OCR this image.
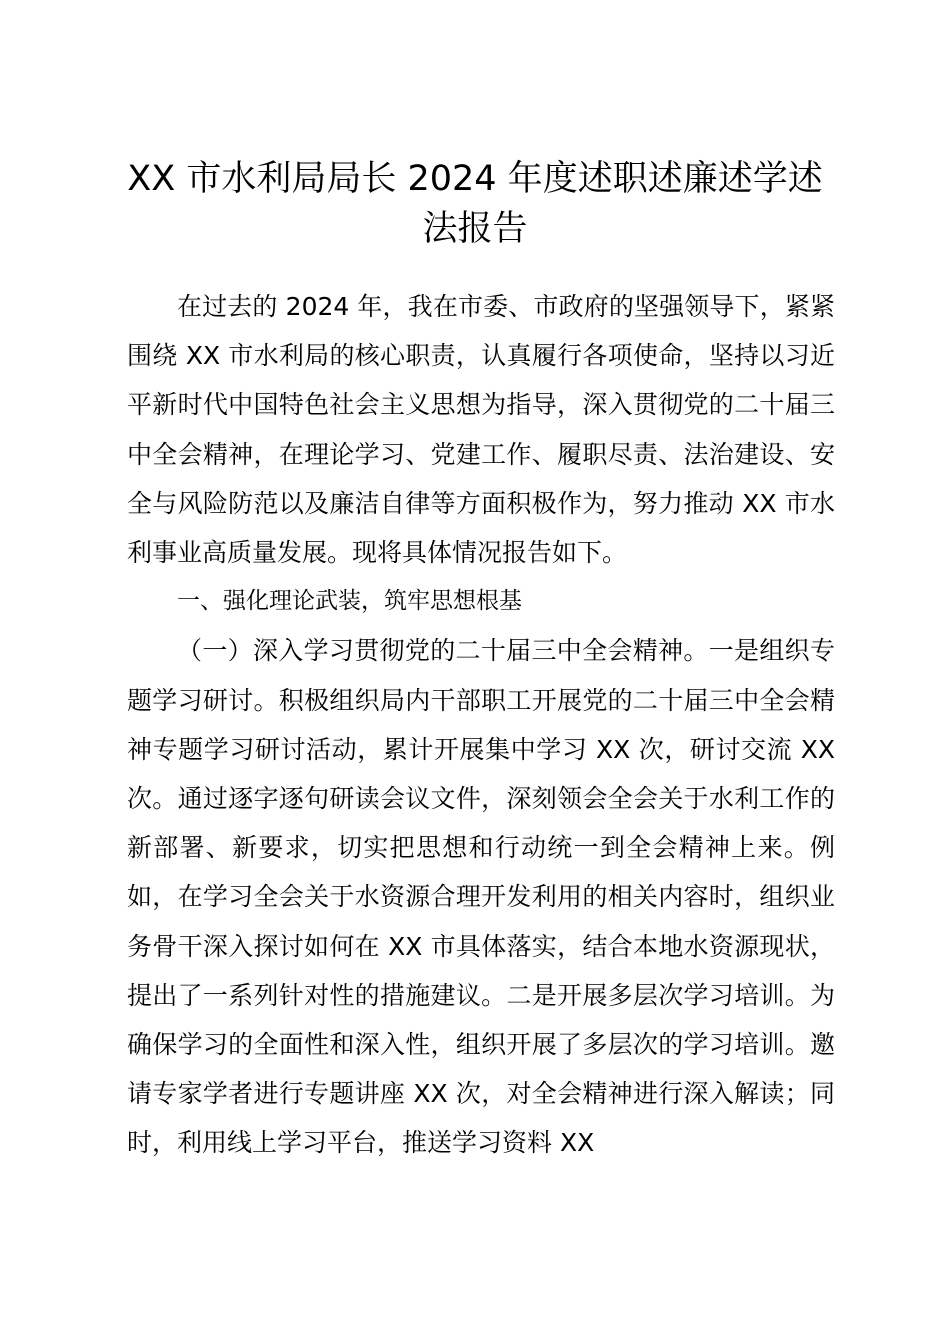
XX 市水利局局长 2024 年度述职述廉述学述
法报告

在过去的 2024 年，我在市委、市政府的坚强领导下，紧紧围绕 XX 市水利局的核心职责，认真履行各项使命，坚持以习近平新时代中国特色社会主义思想为指导，深入贯彻党的二十届三中全会精神，在理论学习、党建工作、履职尽责、法治建设、安全与风险防范以及廉洁自律等方面积极作为，努力推动 XX 市水利事业高质量发展。现将具体情况报告如下。

一、强化理论武装，筑牢思想根基

（一）深入学习贯彻党的二十届三中全会精神。一是组织专题学习研讨。积极组织局内干部职工开展党的二十届三中全会精神专题学习研讨活动，累计开展集中学习 XX 次，研讨交流 XX 次。通过逐字逐句研读会议文件，深刻领会全会关于水利工作的新部署、新要求，切实把思想和行动统一到全会精神上来。例如，在学习全会关于水资源合理开发利用的相关内容时，组织业务骨干深入探讨如何在 XX 市具体落实，结合本地水资源现状，提出了一系列针对性的措施建议。二是开展多层次学习培训。为确保学习的全面性和深入性，组织开展了多层次的学习培训。邀请专家学者进行专题讲座 XX 次，对全会精神进行深入解读；同时，利用线上学习平台，推送学习资料 XX
